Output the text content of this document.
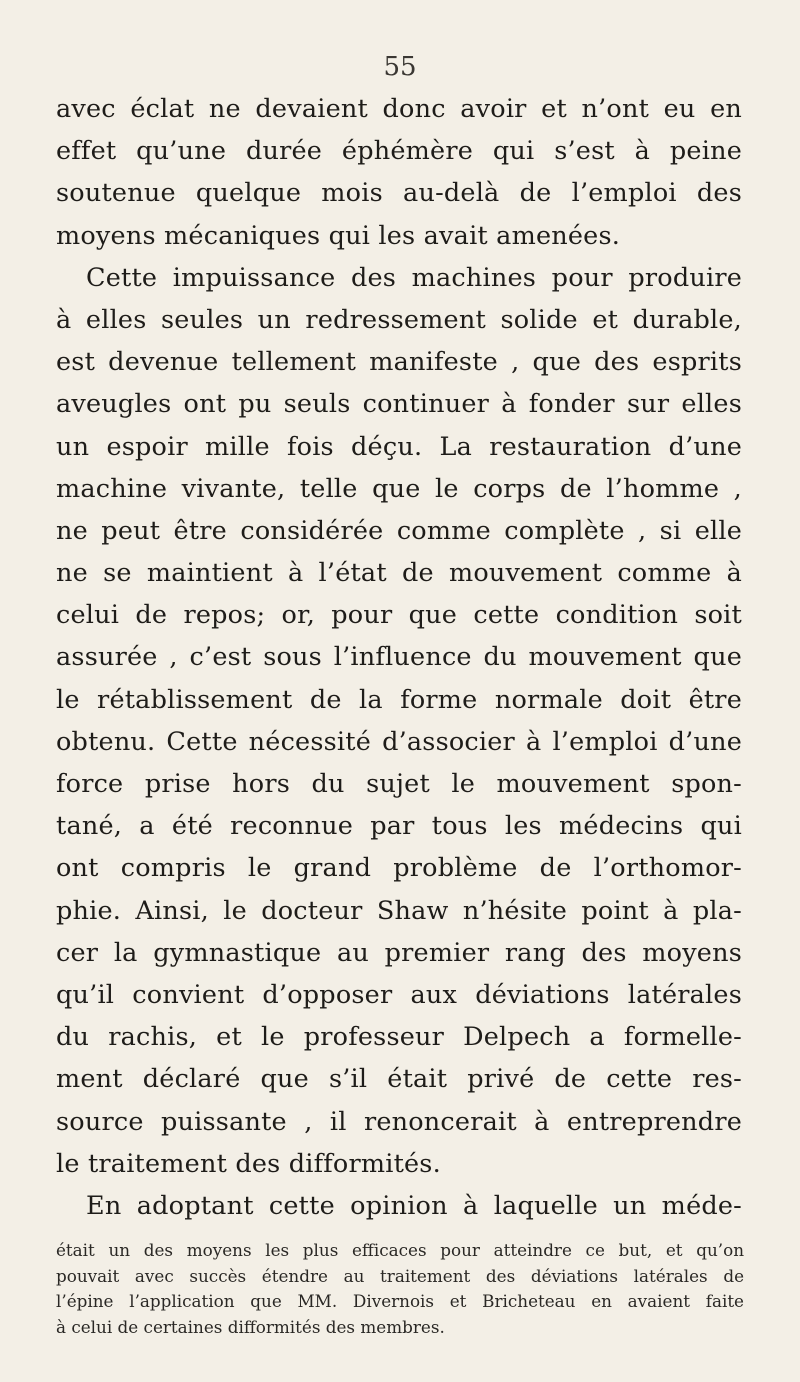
55
avec éclat ne devaient donc avoir et n’ont eu en
effet qu’une durée éphémère qui s’est à peine
soutenue quelque mois au-delà de l’emploi des
moyens mécaniques qui les avait amenées.
Cette impuissance des machines pour produire
à elles seules un redressement solide et durable,
est devenue tellement manifeste , que des esprits
aveugles ont pu seuls continuer à fonder sur elles
un espoir mille fois déçu. La restauration d’une
machine vivante, telle que le corps de l’homme ,
ne peut être considérée comme complète , si elle
ne se maintient à l’état de mouvement comme à
celui de repos; or, pour que cette condition soit
assurée , c’est sous l’influence du mouvement que
le rétablissement de la forme normale doit être
obtenu. Cette nécessité d’associer à l’emploi d’une
force prise hors du sujet le mouvement spon-
tané, a été reconnue par tous les médecins qui
ont compris le grand problème de l’orthomor-
phie. Ainsi, le docteur Shaw n’hésite point à pla-
cer la gymnastique au premier rang des moyens
qu’il convient d’opposer aux déviations latérales
du rachis, et le professeur Delpech a formelle-
ment déclaré que s’il était privé de cette res-
source puissante , il renoncerait à entreprendre
le traitement des difformités.
En adoptant cette opinion à laquelle un méde-
était un des moyens les plus efficaces pour atteindre ce but, et qu’on
pouvait avec succès étendre au traitement des déviations latérales de
l’épine l’application que MM. Divernois et Bricheteau en avaient faite
à celui de certaines difformités des membres.
